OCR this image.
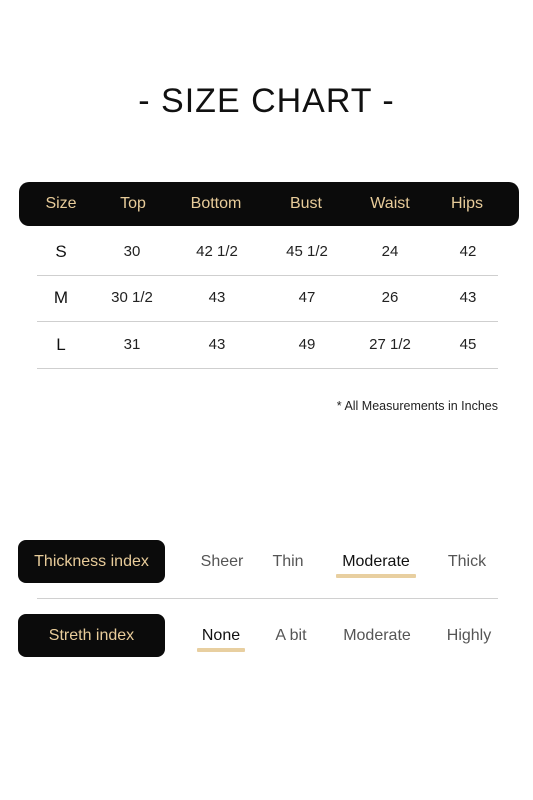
- SIZE CHART -
Size	Top	Bottom	Bust	Waist	Hips
S	30	42 1/2	45 1/2	24	42
M	30 1/2	43	47	26	43
L	31	43	49	27 1/2	45
* All Measurements in Inches
Thickness index	Sheer	Thin	Moderate	Thick
Streth index	None	A bit	Moderate	Highly
